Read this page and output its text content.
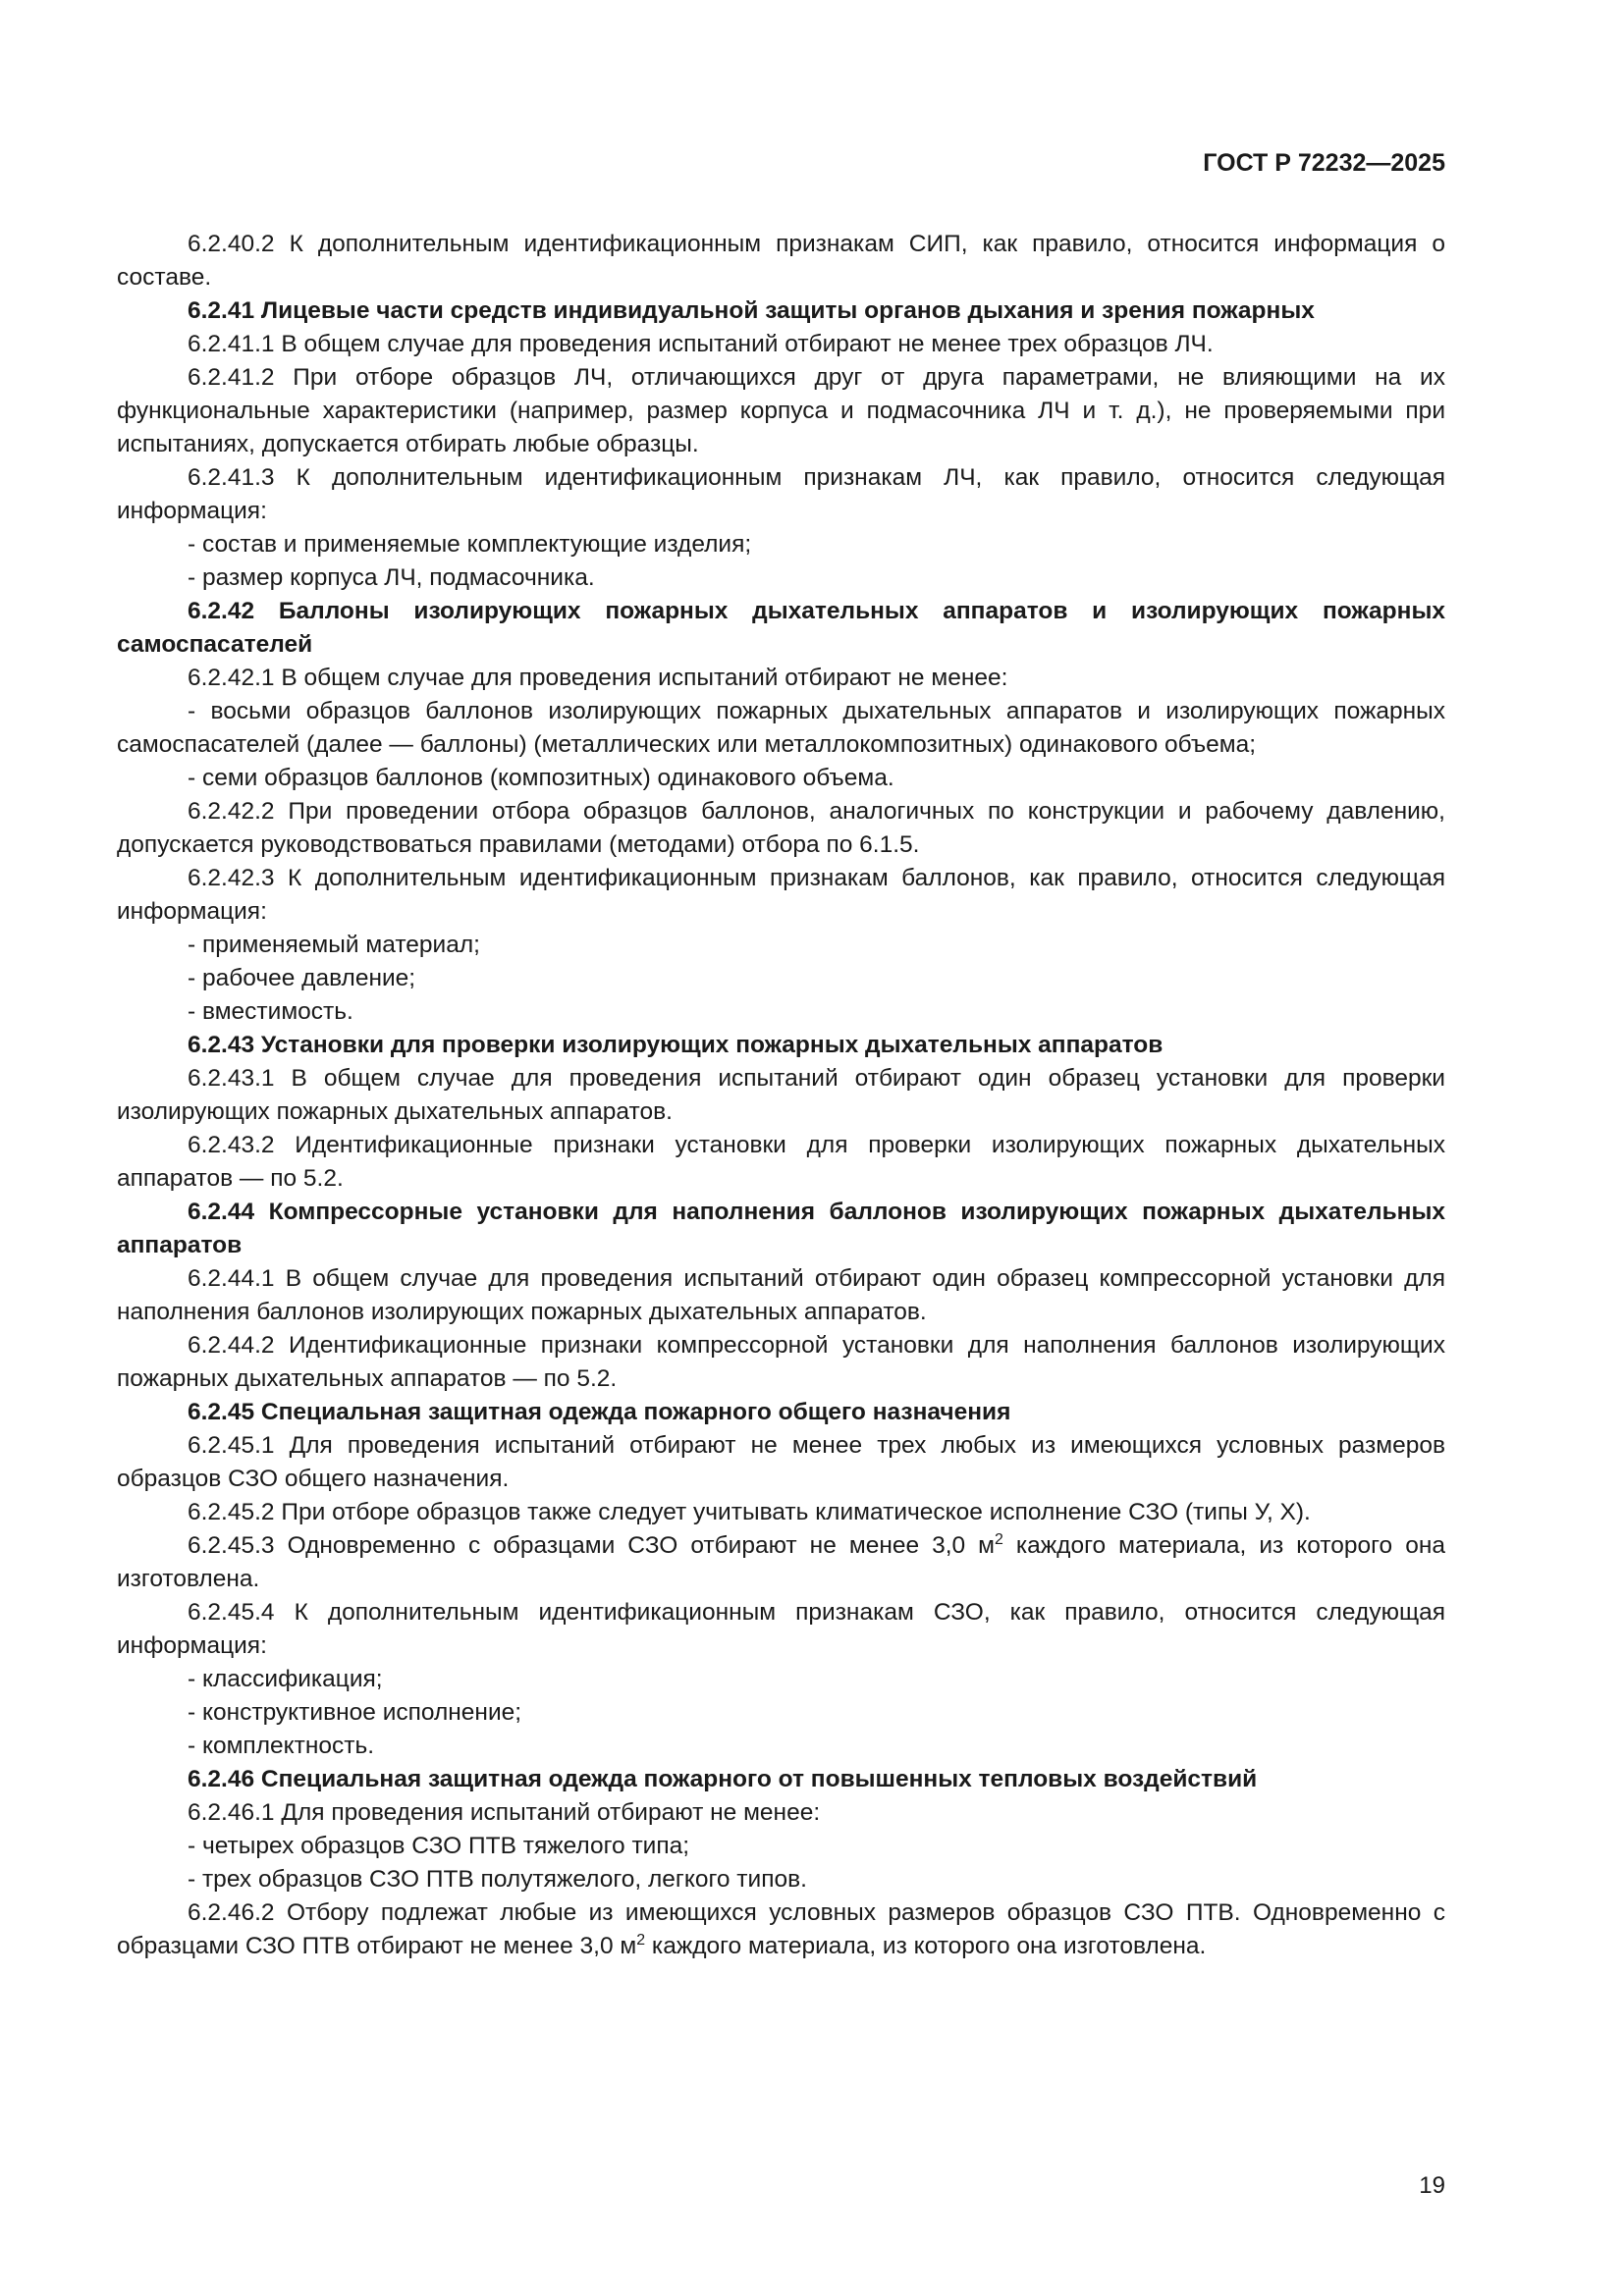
ГОСТ Р 72232—2025

6.2.40.2 К дополнительным идентификационным признакам СИП, как правило, относится информация о составе.

6.2.41 Лицевые части средств индивидуальной защиты органов дыхания и зрения пожарных

6.2.41.1 В общем случае для проведения испытаний отбирают не менее трех образцов ЛЧ.

6.2.41.2 При отборе образцов ЛЧ, отличающихся друг от друга параметрами, не влияющими на их функциональные характеристики (например, размер корпуса и подмасочника ЛЧ и т. д.), не проверяемыми при испытаниях, допускается отбирать любые образцы.

6.2.41.3 К дополнительным идентификационным признакам ЛЧ, как правило, относится следующая информация:

- состав и применяемые комплектующие изделия;

- размер корпуса ЛЧ, подмасочника.

6.2.42 Баллоны изолирующих пожарных дыхательных аппаратов и изолирующих пожарных самоспасателей

6.2.42.1 В общем случае для проведения испытаний отбирают не менее:

- восьми образцов баллонов изолирующих пожарных дыхательных аппаратов и изолирующих пожарных самоспасателей (далее — баллоны) (металлических или металлокомпозитных) одинакового объема;

- семи образцов баллонов (композитных) одинакового объема.

6.2.42.2 При проведении отбора образцов баллонов, аналогичных по конструкции и рабочему давлению, допускается руководствоваться правилами (методами) отбора по 6.1.5.

6.2.42.3 К дополнительным идентификационным признакам баллонов, как правило, относится следующая информация:

- применяемый материал;

- рабочее давление;

- вместимость.

6.2.43 Установки для проверки изолирующих пожарных дыхательных аппаратов

6.2.43.1 В общем случае для проведения испытаний отбирают один образец установки для проверки изолирующих пожарных дыхательных аппаратов.

6.2.43.2 Идентификационные признаки установки для проверки изолирующих пожарных дыхательных аппаратов — по 5.2.

6.2.44 Компрессорные установки для наполнения баллонов изолирующих пожарных дыхательных аппаратов

6.2.44.1 В общем случае для проведения испытаний отбирают один образец компрессорной установки для наполнения баллонов изолирующих пожарных дыхательных аппаратов.

6.2.44.2 Идентификационные признаки компрессорной установки для наполнения баллонов изолирующих пожарных дыхательных аппаратов — по 5.2.

6.2.45 Специальная защитная одежда пожарного общего назначения

6.2.45.1 Для проведения испытаний отбирают не менее трех любых из имеющихся условных размеров образцов СЗО общего назначения.

6.2.45.2 При отборе образцов также следует учитывать климатическое исполнение СЗО (типы У, Х).

6.2.45.3 Одновременно с образцами СЗО отбирают не менее 3,0 $м^2$ каждого материала, из которого она изготовлена.

6.2.45.4 К дополнительным идентификационным признакам СЗО, как правило, относится следующая информация:

- классификация;

- конструктивное исполнение;

- комплектность.

6.2.46 Специальная защитная одежда пожарного от повышенных тепловых воздействий

6.2.46.1 Для проведения испытаний отбирают не менее:

- четырех образцов СЗО ПТВ тяжелого типа;

- трех образцов СЗО ПТВ полутяжелого, легкого типов.

6.2.46.2 Отбору подлежат любые из имеющихся условных размеров образцов СЗО ПТВ. Одновременно с образцами СЗО ПТВ отбирают не менее 3,0 $м^2$ каждого материала, из которого она изготовлена.

19
